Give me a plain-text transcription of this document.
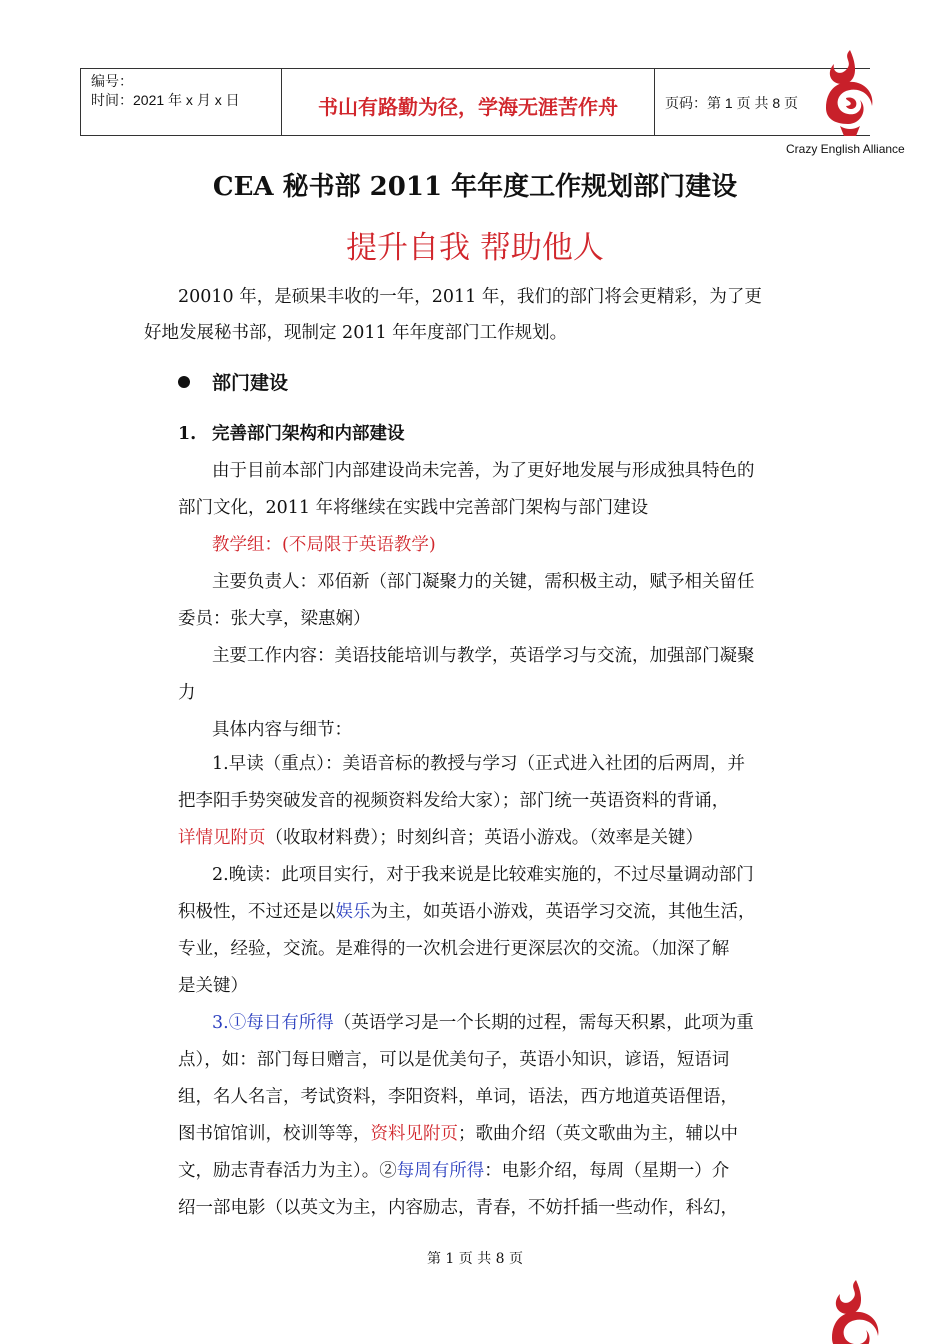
编号：
时间：2021 年 x 月 x 日	书山有路勤为径，学海无涯苦作舟	页码：第 1 页 共 8 页
Crazy English Alliance
CEA 秘书部 2011 年年度工作规划部门建设
提升自我 帮助他人
20010 年，是硕果丰收的一年，2011 年，我们的部门将会更精彩，为了更
好地发展秘书部，现制定 2011 年年度部门工作规划。
部门建设
1. 完善部门架构和内部建设
由于目前本部门内部建设尚未完善，为了更好地发展与形成独具特色的
部门文化，2011 年将继续在实践中完善部门架构与部门建设
教学组：(不局限于英语教学)
主要负责人：邓佰新（部门凝聚力的关键，需积极主动，赋予相关留任
委员：张大享，梁惠娴）
主要工作内容：美语技能培训与教学，英语学习与交流，加强部门凝聚
力
具体内容与细节：
1.早读（重点）：美语音标的教授与学习（正式进入社团的后两周，并
把李阳手势突破发音的视频资料发给大家）；部门统一英语资料的背诵，
详情见附页（收取材料费）；时刻纠音；英语小游戏。（效率是关键）
2.晚读：此项目实行，对于我来说是比较难实施的，不过尽量调动部门
积极性，不过还是以娱乐为主，如英语小游戏，英语学习交流，其他生活，
专业，经验，交流。是难得的一次机会进行更深层次的交流。（加深了解
是关键）
3.①每日有所得（英语学习是一个长期的过程，需每天积累，此项为重
点），如：部门每日赠言，可以是优美句子，英语小知识，谚语，短语词
组，名人名言，考试资料，李阳资料，单词，语法，西方地道英语俚语，
图书馆馆训，校训等等，资料见附页；歌曲介绍（英文歌曲为主，辅以中
文，励志青春活力为主）。②每周有所得：电影介绍，每周（星期一）介
绍一部电影（以英文为主，内容励志，青春，不妨扦插一些动作，科幻，
第 1 页 共 8 页
